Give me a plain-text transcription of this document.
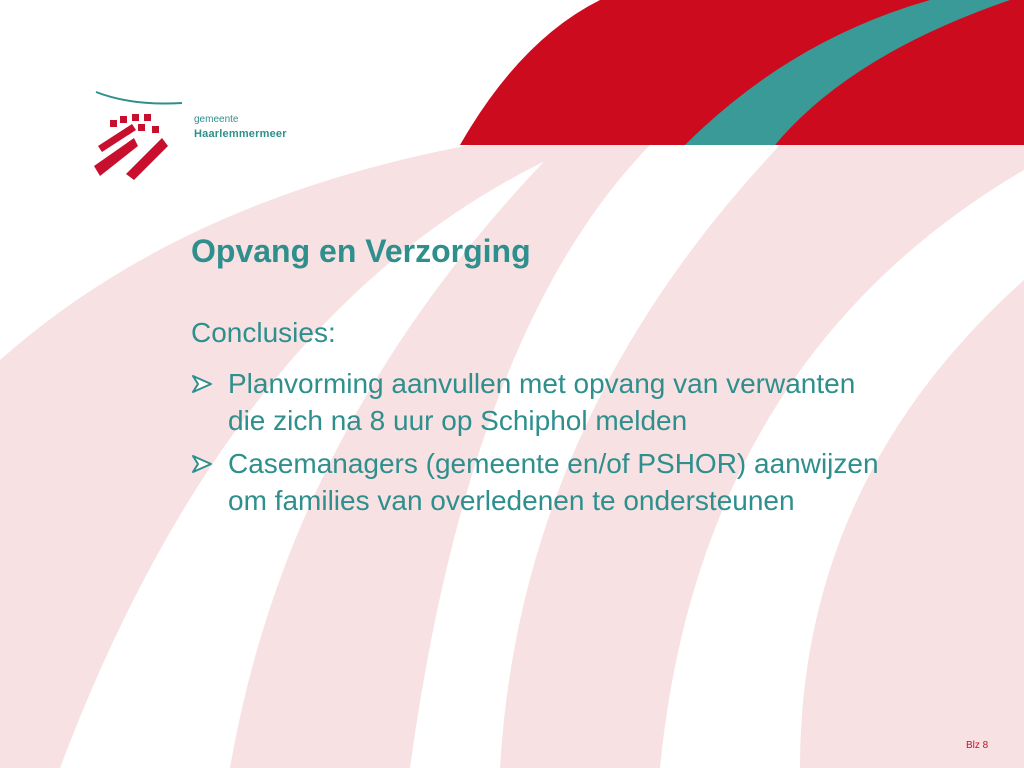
gemeente
Haarlemmermeer
Opvang en Verzorging
Conclusies:
Planvorming aanvullen met opvang van verwanten die zich na 8 uur op Schiphol melden
Casemanagers (gemeente en/of PSHOR) aanwijzen om families van overledenen te ondersteunen
Blz 8
